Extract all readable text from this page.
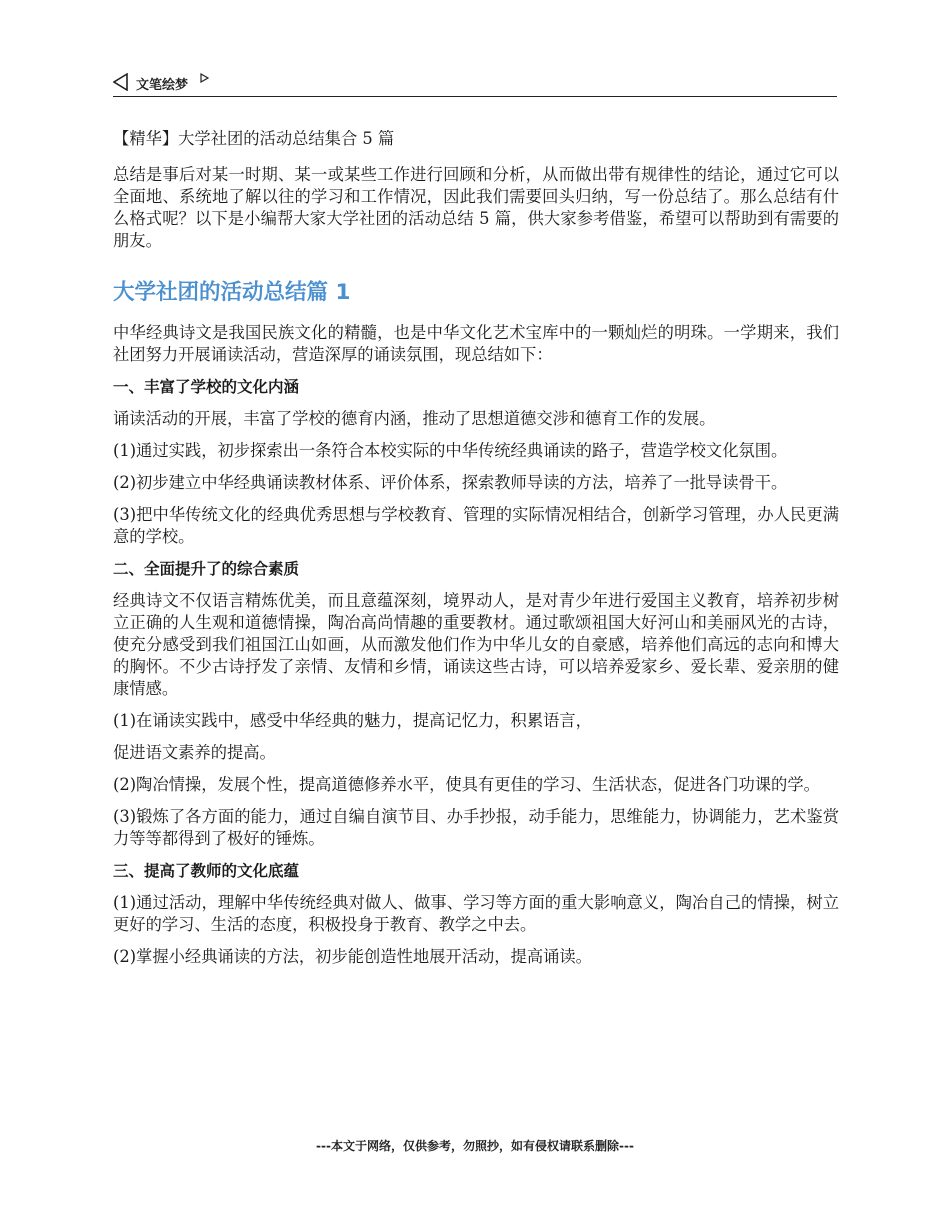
文笔绘梦

【精华】大学社团的活动总结集合 5 篇

总结是事后对某一时期、某一或某些工作进行回顾和分析，从而做出带有规律性的结论，通过它可以全面地、系统地了解以往的学习和工作情况，因此我们需要回头归纳，写一份总结了。那么总结有什么格式呢？以下是小编帮大家大学社团的活动总结 5 篇，供大家参考借鉴，希望可以帮助到有需要的朋友。

大学社团的活动总结篇 1

中华经典诗文是我国民族文化的精髓，也是中华文化艺术宝库中的一颗灿烂的明珠。一学期来，我们社团努力开展诵读活动，营造深厚的诵读氛围，现总结如下：

一、丰富了学校的文化内涵

诵读活动的开展，丰富了学校的德育内涵，推动了思想道德交涉和德育工作的发展。

(1)通过实践，初步探索出一条符合本校实际的中华传统经典诵读的路子，营造学校文化氛围。

(2)初步建立中华经典诵读教材体系、评价体系，探索教师导读的方法，培养了一批导读骨干。

(3)把中华传统文化的经典优秀思想与学校教育、管理的实际情况相结合，创新学习管理，办人民更满意的学校。

二、全面提升了的综合素质

经典诗文不仅语言精炼优美，而且意蕴深刻，境界动人，是对青少年进行爱国主义教育，培养初步树立正确的人生观和道德情操，陶冶高尚情趣的重要教材。通过歌颂祖国大好河山和美丽风光的古诗，使充分感受到我们祖国江山如画，从而激发他们作为中华儿女的自豪感，培养他们高远的志向和博大的胸怀。不少古诗抒发了亲情、友情和乡情，诵读这些古诗，可以培养爱家乡、爱长辈、爱亲朋的健康情感。

(1)在诵读实践中，感受中华经典的魅力，提高记忆力，积累语言，

促进语文素养的提高。

(2)陶冶情操，发展个性，提高道德修养水平，使具有更佳的学习、生活状态，促进各门功课的学。

(3)锻炼了各方面的能力，通过自编自演节目、办手抄报，动手能力，思维能力，协调能力，艺术鉴赏力等等都得到了极好的锤炼。

三、提高了教师的文化底蕴

(1)通过活动，理解中华传统经典对做人、做事、学习等方面的重大影响意义，陶冶自己的情操，树立更好的学习、生活的态度，积极投身于教育、教学之中去。

(2)掌握小经典诵读的方法，初步能创造性地展开活动，提高诵读。

---本文于网络，仅供参考，勿照抄，如有侵权请联系删除---
